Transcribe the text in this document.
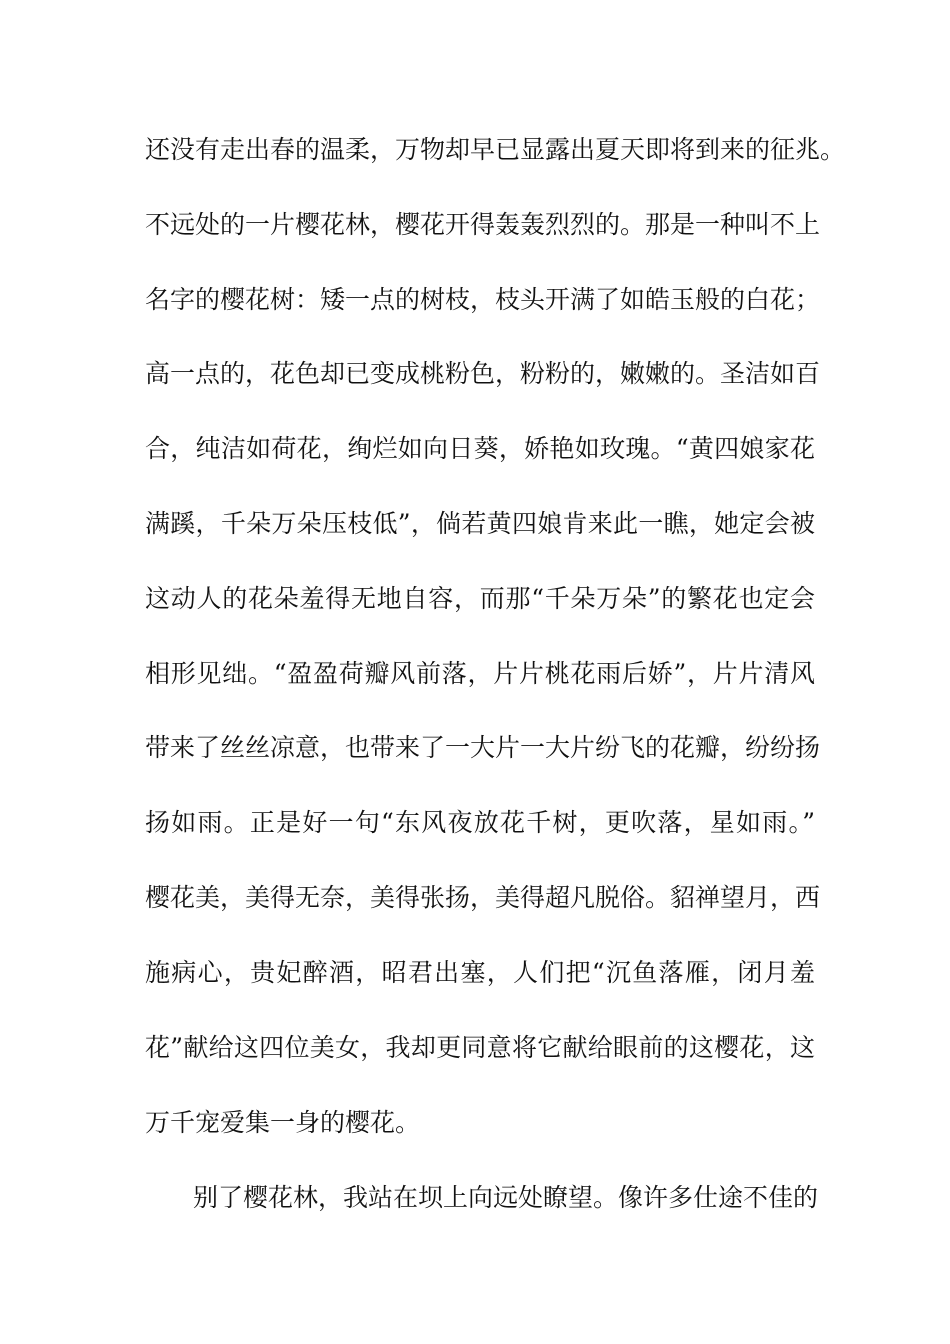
还没有走出春的温柔，万物却早已显露出夏天即将到来的征兆。
不远处的一片樱花林，樱花开得轰轰烈烈的。那是一种叫不上
名字的樱花树：矮一点的树枝，枝头开满了如皓玉般的白花；
高一点的，花色却已变成桃粉色，粉粉的，嫩嫩的。圣洁如百
合，纯洁如荷花，绚烂如向日葵，娇艳如玫瑰。“黄四娘家花
满蹊，千朵万朵压枝低”，倘若黄四娘肯来此一瞧，她定会被
这动人的花朵羞得无地自容，而那“千朵万朵”的繁花也定会
相形见绌。“盈盈荷瓣风前落，片片桃花雨后娇”，片片清风
带来了丝丝凉意，也带来了一大片一大片纷飞的花瓣，纷纷扬
扬如雨。正是好一句“东风夜放花千树，更吹落，星如雨。”
樱花美，美得无奈，美得张扬，美得超凡脱俗。貂禅望月，西
施病心，贵妃醉酒，昭君出塞，人们把“沉鱼落雁，闭月羞
花”献给这四位美女，我却更同意将它献给眼前的这樱花，这
万千宠爱集一身的樱花。
别了樱花林，我站在坝上向远处瞭望。像许多仕途不佳的
